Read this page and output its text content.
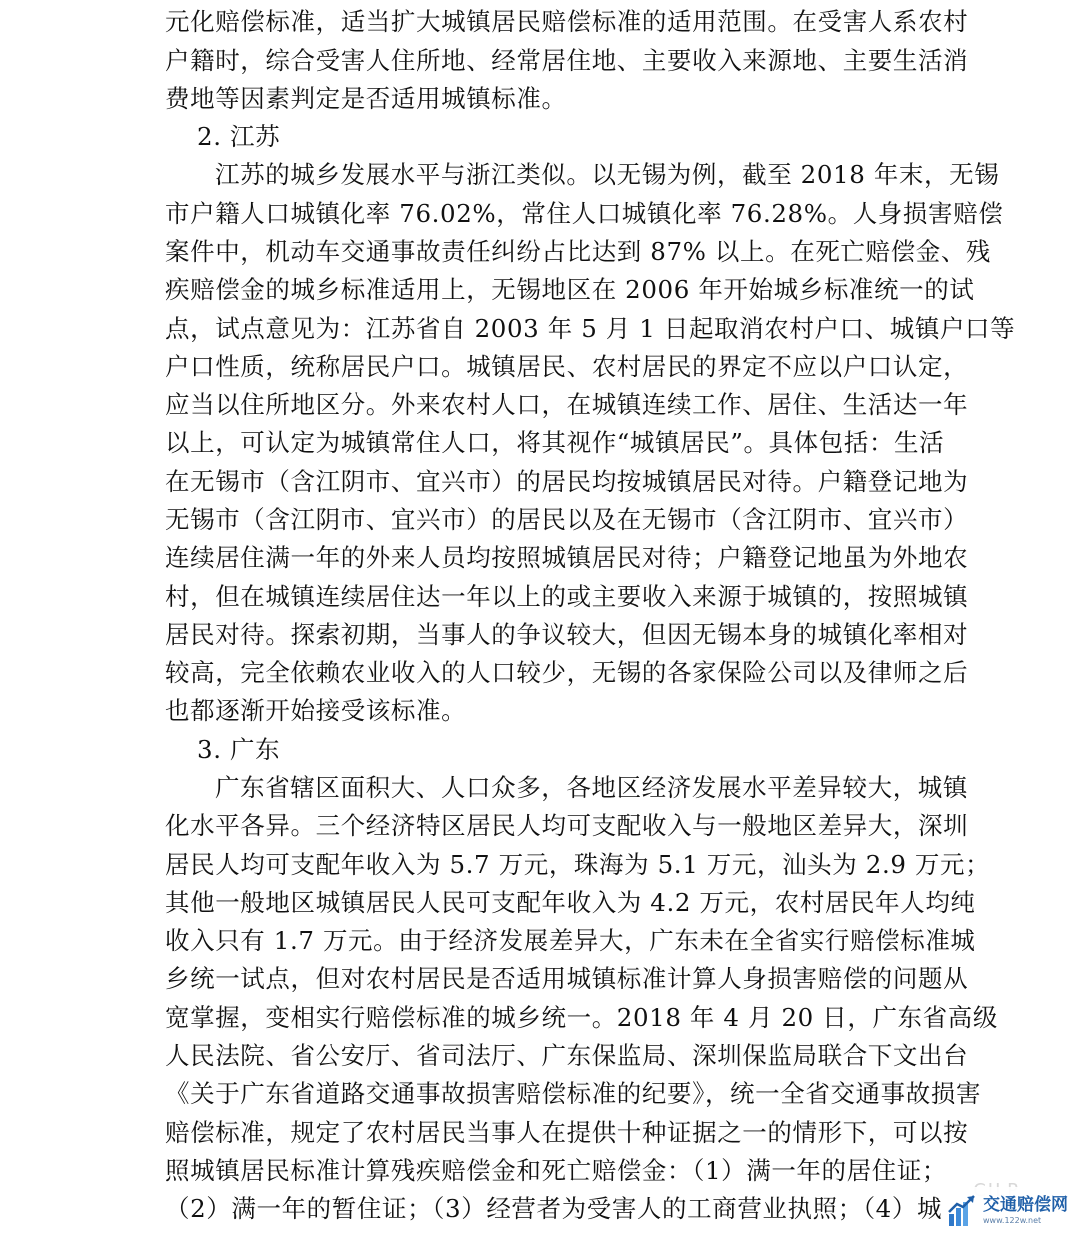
元化赔偿标准，适当扩大城镇居民赔偿标准的适用范围。在受害人系农村
户籍时，综合受害人住所地、经常居住地、主要收入来源地、主要生活消
费地等因素判定是否适用城镇标准。
2. 江苏
江苏的城乡发展水平与浙江类似。以无锡为例，截至 2018 年末，无锡
市户籍人口城镇化率 76.02%，常住人口城镇化率 76.28%。人身损害赔偿
案件中，机动车交通事故责任纠纷占比达到 87% 以上。在死亡赔偿金、残
疾赔偿金的城乡标准适用上，无锡地区在 2006 年开始城乡标准统一的试
点，试点意见为：江苏省自 2003 年 5 月 1 日起取消农村户口、城镇户口等
户口性质，统称居民户口。城镇居民、农村居民的界定不应以户口认定，
应当以住所地区分。外来农村人口，在城镇连续工作、居住、生活达一年
以上，可认定为城镇常住人口，将其视作“城镇居民”。具体包括：生活
在无锡市（含江阴市、宜兴市）的居民均按城镇居民对待。户籍登记地为
无锡市（含江阴市、宜兴市）的居民以及在无锡市（含江阴市、宜兴市）
连续居住满一年的外来人员均按照城镇居民对待；户籍登记地虽为外地农
村，但在城镇连续居住达一年以上的或主要收入来源于城镇的，按照城镇
居民对待。探索初期，当事人的争议较大，但因无锡本身的城镇化率相对
较高，完全依赖农业收入的人口较少，无锡的各家保险公司以及律师之后
也都逐渐开始接受该标准。
3. 广东
广东省辖区面积大、人口众多，各地区经济发展水平差异较大，城镇
化水平各异。三个经济特区居民人均可支配收入与一般地区差异大，深圳
居民人均可支配年收入为 5.7 万元，珠海为 5.1 万元，汕头为 2.9 万元；
其他一般地区城镇居民人民可支配年收入为 4.2 万元，农村居民年人均纯
收入只有 1.7 万元。由于经济发展差异大，广东未在全省实行赔偿标准城
乡统一试点，但对农村居民是否适用城镇标准计算人身损害赔偿的问题从
宽掌握，变相实行赔偿标准的城乡统一。2018 年 4 月 20 日，广东省高级
人民法院、省公安厅、省司法厅、广东保监局、深圳保监局联合下文出台
《关于广东省道路交通事故损害赔偿标准的纪要》，统一全省交通事故损害
赔偿标准，规定了农村居民当事人在提供十种证据之一的情形下，可以按
照城镇居民标准计算残疾赔偿金和死亡赔偿金：（1）满一年的居住证；
（2）满一年的暂住证；（3）经营者为受害人的工商营业执照；（4）城 交通赔偿网
www.122w.net
